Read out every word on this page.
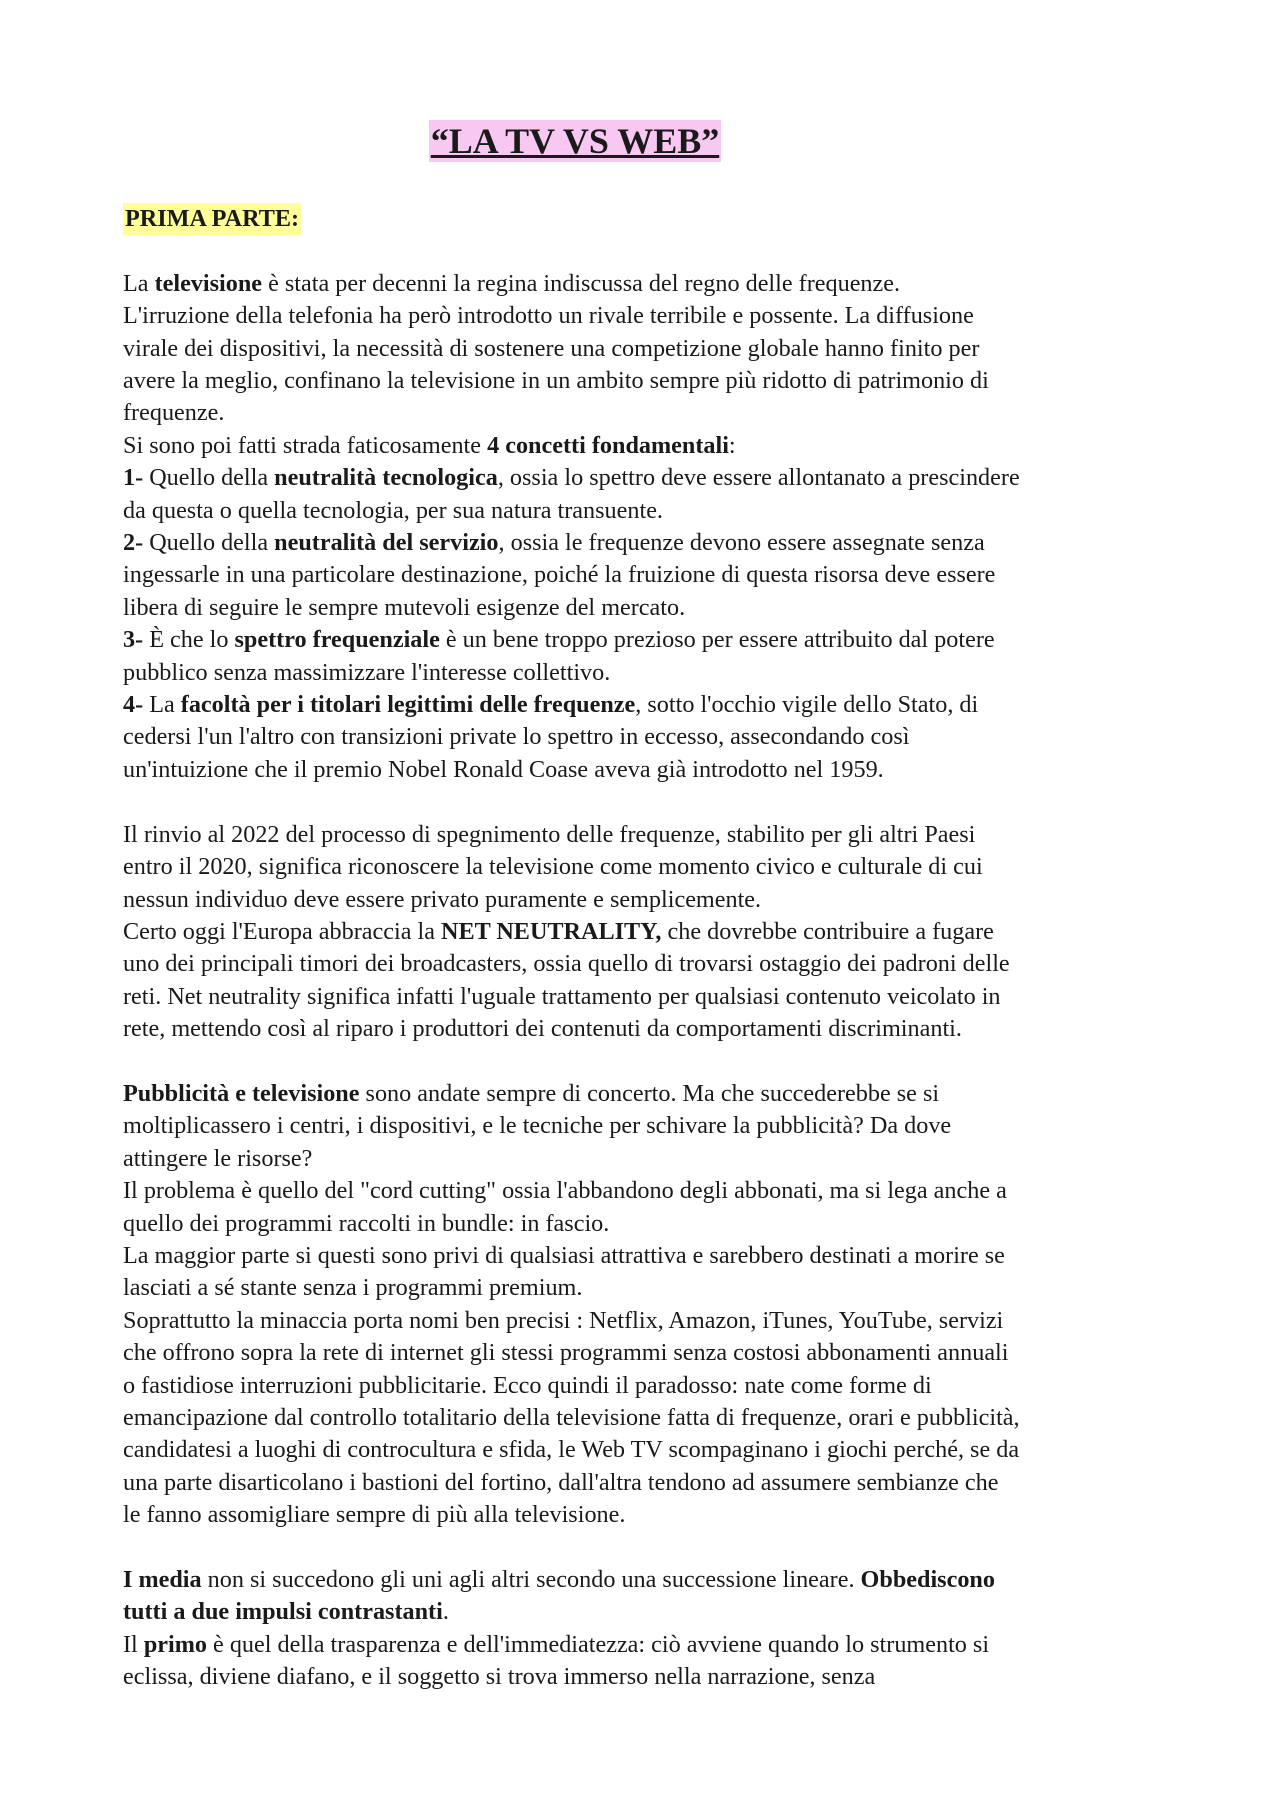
“LA TV VS WEB”

PRIMA PARTE:

La televisione è stata per decenni la regina indiscussa del regno delle frequenze.

L'irruzione della telefonia ha però introdotto un rivale terribile e possente. La diffusione

virale dei dispositivi, la necessità di sostenere una competizione globale hanno finito per

avere la meglio, confinano la televisione in un ambito sempre più ridotto di patrimonio di

frequenze.

Si sono poi fatti strada faticosamente 4 concetti fondamentali:

1- Quello della neutralità tecnologica, ossia lo spettro deve essere allontanato a prescindere

da questa o quella tecnologia, per sua natura transuente.

2- Quello della neutralità del servizio, ossia le frequenze devono essere assegnate senza

ingessarle in una particolare destinazione, poiché la fruizione di questa risorsa deve essere

libera di seguire le sempre mutevoli esigenze del mercato.

3- È che lo spettro frequenziale è un bene troppo prezioso per essere attribuito dal potere

pubblico senza massimizzare l'interesse collettivo.

4- La facoltà per i titolari legittimi delle frequenze, sotto l'occhio vigile dello Stato, di

cedersi l'un l'altro con transizioni private lo spettro in eccesso, assecondando così

un'intuizione che il premio Nobel Ronald Coase aveva già introdotto nel 1959.

Il rinvio al 2022 del processo di spegnimento delle frequenze, stabilito per gli altri Paesi

entro il 2020, significa riconoscere la televisione come momento civico e culturale di cui

nessun individuo deve essere privato puramente e semplicemente.

Certo oggi l'Europa abbraccia la NET NEUTRALITY, che dovrebbe contribuire a fugare

uno dei principali timori dei broadcasters, ossia quello di trovarsi ostaggio dei padroni delle

reti. Net neutrality significa infatti l'uguale trattamento per qualsiasi contenuto veicolato in

rete, mettendo così al riparo i produttori dei contenuti da comportamenti discriminanti.

Pubblicità e televisione sono andate sempre di concerto. Ma che succederebbe se si

moltiplicassero i centri, i dispositivi, e le tecniche per schivare la pubblicità? Da dove

attingere le risorse?

Il problema è quello del "cord cutting" ossia l'abbandono degli abbonati, ma si lega anche a

quello dei programmi raccolti in bundle: in fascio.

La maggior parte si questi sono privi di qualsiasi attrattiva e sarebbero destinati a morire se

lasciati a sé stante senza i programmi premium.

Soprattutto la minaccia porta nomi ben precisi : Netflix, Amazon, iTunes, YouTube, servizi

che offrono sopra la rete di internet gli stessi programmi senza costosi abbonamenti annuali

o fastidiose interruzioni pubblicitarie. Ecco quindi il paradosso: nate come forme di

emancipazione dal controllo totalitario della televisione fatta di frequenze, orari e pubblicità,

candidatesi a luoghi di controcultura e sfida, le Web TV scompaginano i giochi perché, se da

una parte disarticolano i bastioni del fortino, dall'altra tendono ad assumere sembianze che

le fanno assomigliare sempre di più alla televisione.

I media non si succedono gli uni agli altri secondo una successione lineare. Obbediscono

tutti a due impulsi contrastanti.

Il primo è quel della trasparenza e dell'immediatezza: ciò avviene quando lo strumento si

eclissa, diviene diafano, e il soggetto si trova immerso nella narrazione, senza
